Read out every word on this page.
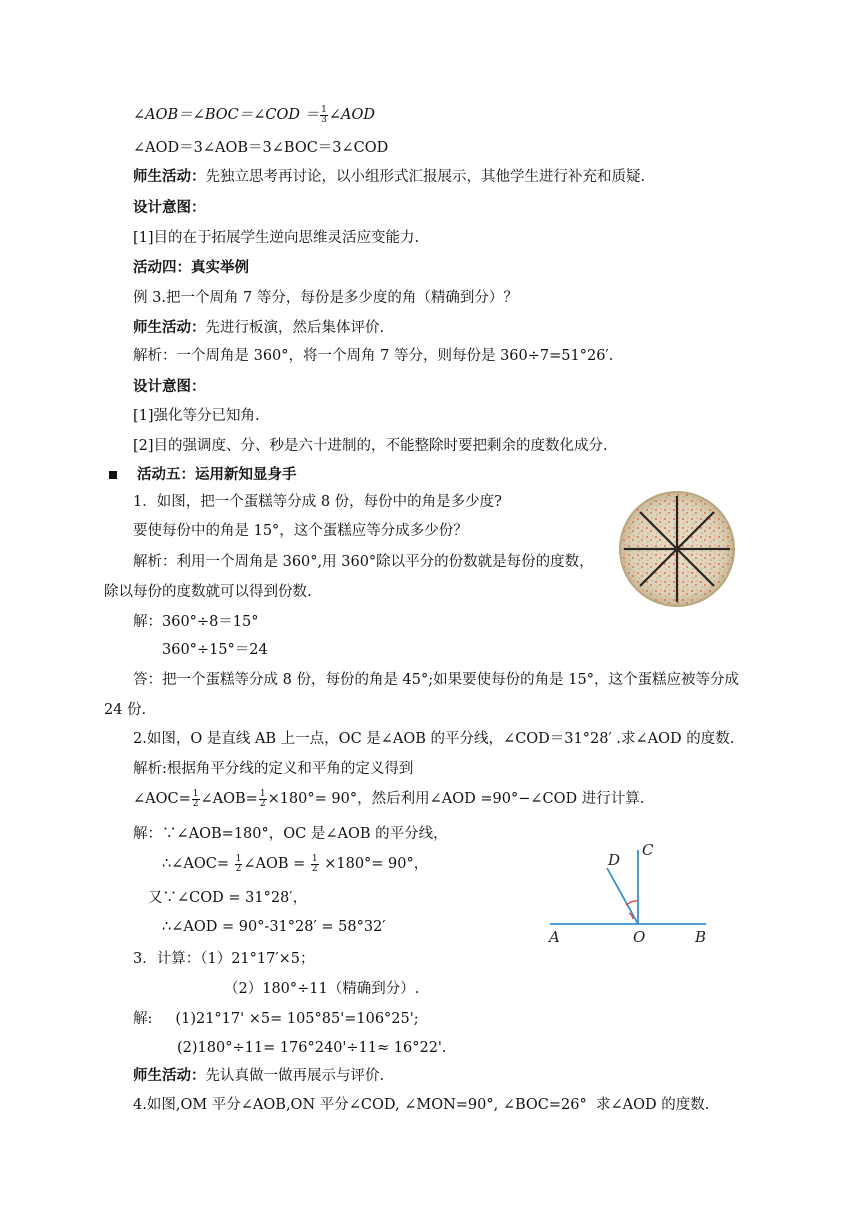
∠AOB＝∠BOC＝∠COD ＝ $\frac{1}{3}$ ∠AOD
∠AOD＝3∠AOB＝3∠BOC＝3∠COD
师生活动：先独立思考再讨论，以小组形式汇报展示，其他学生进行补充和质疑.
设计意图：
[1]目的在于拓展学生逆向思维灵活应变能力.
活动四：真实举例
例 3.把一个周角 7 等分，每份是多少度的角（精确到分）？
师生活动：先进行板演，然后集体评价.
解析：一个周角是 360°，将一个周角 7 等分，则每份是 360÷7=51°26′.
设计意图：
[1]强化等分已知角.
[2]目的强调度、分、秒是六十进制的，不能整除时要把剩余的度数化成分.
活动五：运用新知显身手
1．如图，把一个蛋糕等分成 8 份，每份中的角是多少度?
要使每份中的角是 15°，这个蛋糕应等分成多少份？
解析：利用一个周角是 360°,用 360°除以平分的份数就是每份的度数，
除以每份的度数就可以得到份数.
解：360°÷8＝15°
360°÷15°＝24
答：把一个蛋糕等分成 8 份，每份的角是 45°;如果要使每份的角是 15°，这个蛋糕应被等分成
24 份.
2.如图，O 是直线 AB 上一点，OC 是∠AOB 的平分线，∠COD＝31°28′ .求∠AOD 的度数.
解析:根据角平分线的定义和平角的定义得到
∠AOC= $\frac{1}{2}$ ∠AOB= $\frac{1}{2} \times 180^\circ= 90^\circ$，然后利用∠AOD =90°−∠COD 进行计算.
解：∵∠AOB=180°，OC 是∠AOB 的平分线，
∴∠AOC= $\frac{1}{2}$ ∠AOB = $\frac{1}{2} \times 180^\circ= 90^\circ$，
又∵∠COD = 31°28′，
∴∠AOD = 90°-31°28′ = 58°32′
D
C
A	O	B
3．计算：（1）21°17′×5；
（2）180°÷11（精确到分）.
解:     (1)21°17' ×5= 105°85'=106°25';
(2)180°÷11= 176°240'÷11≈ 16°22'.
师生活动：先认真做一做再展示与评价.
4.如图,OM 平分∠AOB,ON 平分∠COD, ∠MON=90°, ∠BOC=26°  求∠AOD 的度数.
